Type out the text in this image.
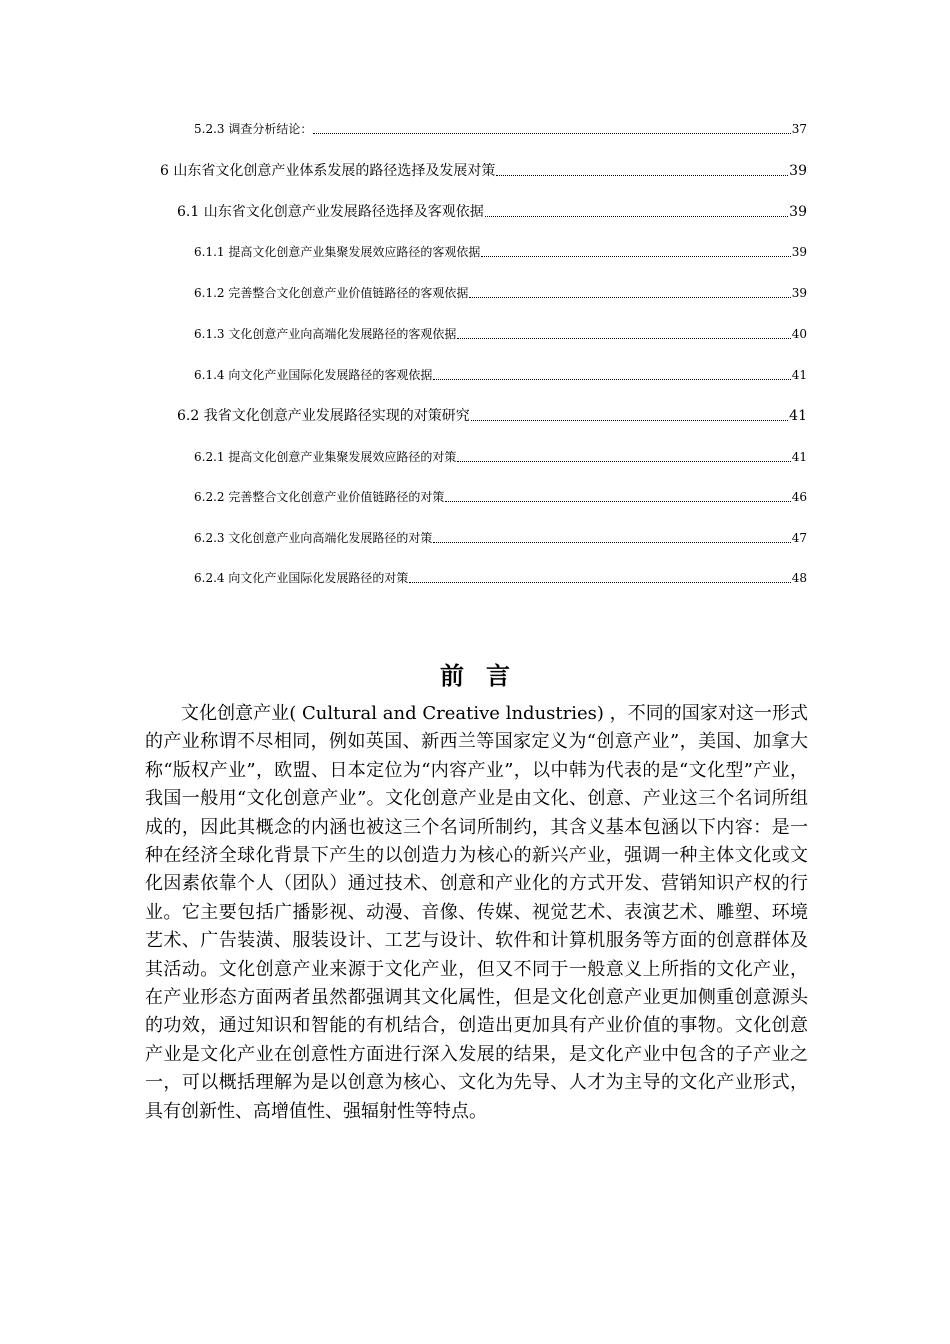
5.2.3 调查分析结论：	37
6 山东省文化创意产业体系发展的路径选择及发展对策	39
6.1 山东省文化创意产业发展路径选择及客观依据	39
6.1.1 提高文化创意产业集聚发展效应路径的客观依据	39
6.1.2 完善整合文化创意产业价值链路径的客观依据	39
6.1.3 文化创意产业向高端化发展路径的客观依据	40
6.1.4 向文化产业国际化发展路径的客观依据	41
6.2 我省文化创意产业发展路径实现的对策研究	41
6.2.1 提高文化创意产业集聚发展效应路径的对策	41
6.2.2 完善整合文化创意产业价值链路径的对策	46
6.2.3 文化创意产业向高端化发展路径的对策	47
6.2.4 向文化产业国际化发展路径的对策	48
前言

文化创意产业( Cultural and Creative lndustries) ，不同的国家对这一形式的产业称谓不尽相同，例如英国、新西兰等国家定义为“创意产业”，美国、加拿大称“版权产业”，欧盟、日本定位为“内容产业”，以中韩为代表的是“文化型”产业，我国一般用“文化创意产业”。文化创意产业是由文化、创意、产业这三个名词所组成的，因此其概念的内涵也被这三个名词所制约，其含义基本包涵以下内容：是一种在经济全球化背景下产生的以创造力为核心的新兴产业，强调一种主体文化或文化因素依靠个人（团队）通过技术、创意和产业化的方式开发、营销知识产权的行业。它主要包括广播影视、动漫、音像、传媒、视觉艺术、表演艺术、雕塑、环境艺术、广告装潢、服装设计、工艺与设计、软件和计算机服务等方面的创意群体及其活动。文化创意产业来源于文化产业，但又不同于一般意义上所指的文化产业，在产业形态方面两者虽然都强调其文化属性，但是文化创意产业更加侧重创意源头的功效，通过知识和智能的有机结合，创造出更加具有产业价值的事物。文化创意产业是文化产业在创意性方面进行深入发展的结果，是文化产业中包含的子产业之一，可以概括理解为是以创意为核心、文化为先导、人才为主导的文化产业形式，具有创新性、高增值性、强辐射性等特点。
